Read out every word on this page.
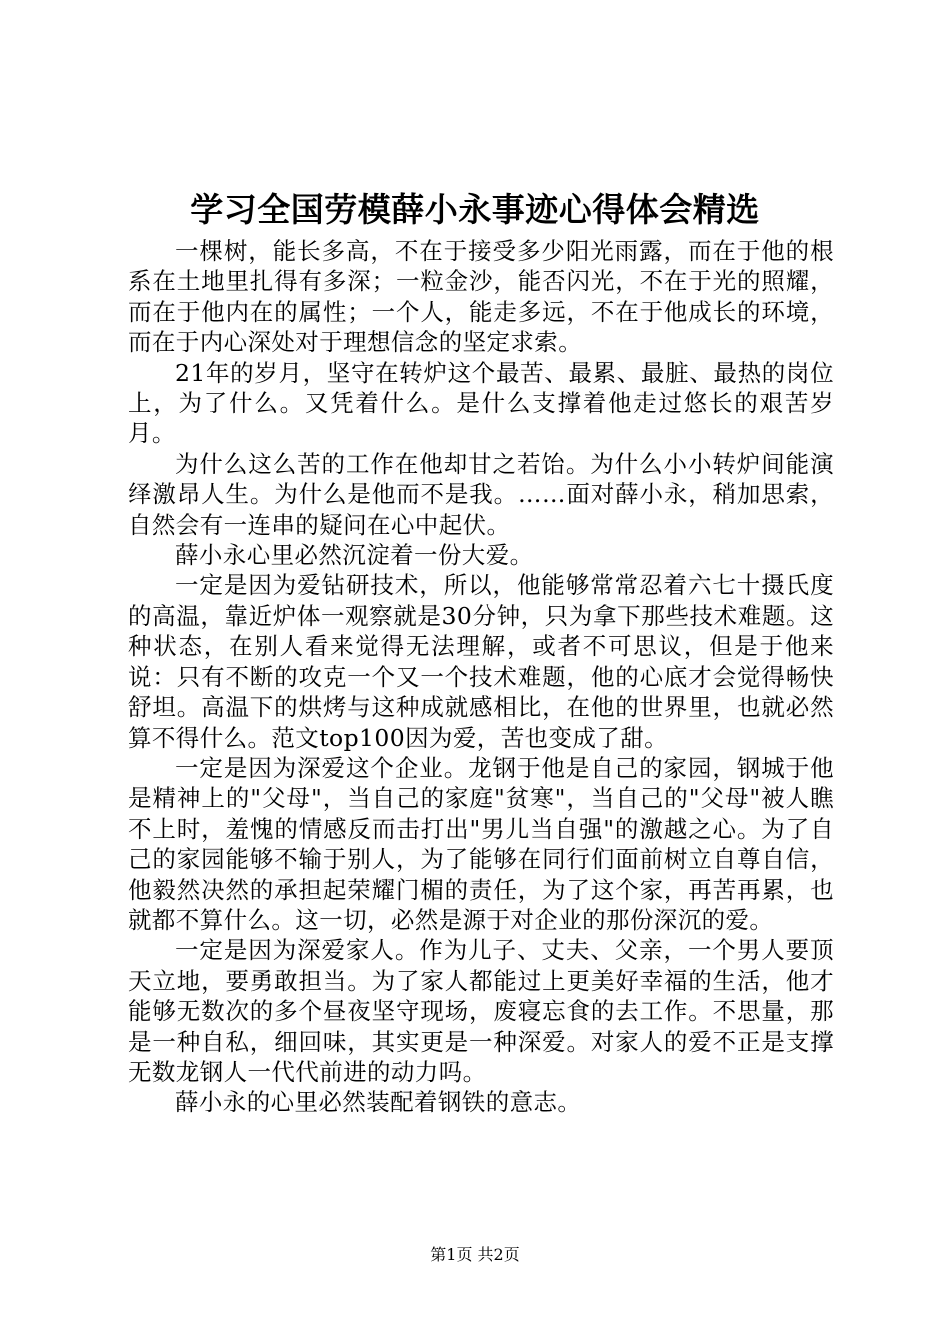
学习全国劳模薛小永事迹心得体会精选

一棵树，能长多高，不在于接受多少阳光雨露，而在于他的根系在土地里扎得有多深；一粒金沙，能否闪光，不在于光的照耀，而在于他内在的属性；一个人，能走多远，不在于他成长的环境，而在于内心深处对于理想信念的坚定求索。

21年的岁月，坚守在转炉这个最苦、最累、最脏、最热的岗位上，为了什么。又凭着什么。是什么支撑着他走过悠长的艰苦岁月。

为什么这么苦的工作在他却甘之若饴。为什么小小转炉间能演绎激昂人生。为什么是他而不是我。……面对薛小永，稍加思索，自然会有一连串的疑问在心中起伏。

薛小永心里必然沉淀着一份大爱。

一定是因为爱钻研技术，所以，他能够常常忍着六七十摄氏度的高温，靠近炉体一观察就是30分钟，只为拿下那些技术难题。这种状态，在别人看来觉得无法理解，或者不可思议，但是于他来说：只有不断的攻克一个又一个技术难题，他的心底才会觉得畅快舒坦。高温下的烘烤与这种成就感相比，在他的世界里，也就必然算不得什么。范文top100因为爱，苦也变成了甜。

一定是因为深爱这个企业。龙钢于他是自己的家园，钢城于他是精神上的"父母"，当自己的家庭"贫寒"，当自己的"父母"被人瞧不上时，羞愧的情感反而击打出"男儿当自强"的激越之心。为了自己的家园能够不输于别人，为了能够在同行们面前树立自尊自信，他毅然决然的承担起荣耀门楣的责任，为了这个家，再苦再累，也就都不算什么。这一切，必然是源于对企业的那份深沉的爱。

一定是因为深爱家人。作为儿子、丈夫、父亲，一个男人要顶天立地，要勇敢担当。为了家人都能过上更美好幸福的生活，他才能够无数次的多个昼夜坚守现场，废寝忘食的去工作。不思量，那是一种自私，细回味，其实更是一种深爱。对家人的爱不正是支撑无数龙钢人一代代前进的动力吗。

薛小永的心里必然装配着钢铁的意志。

第1页 共2页
